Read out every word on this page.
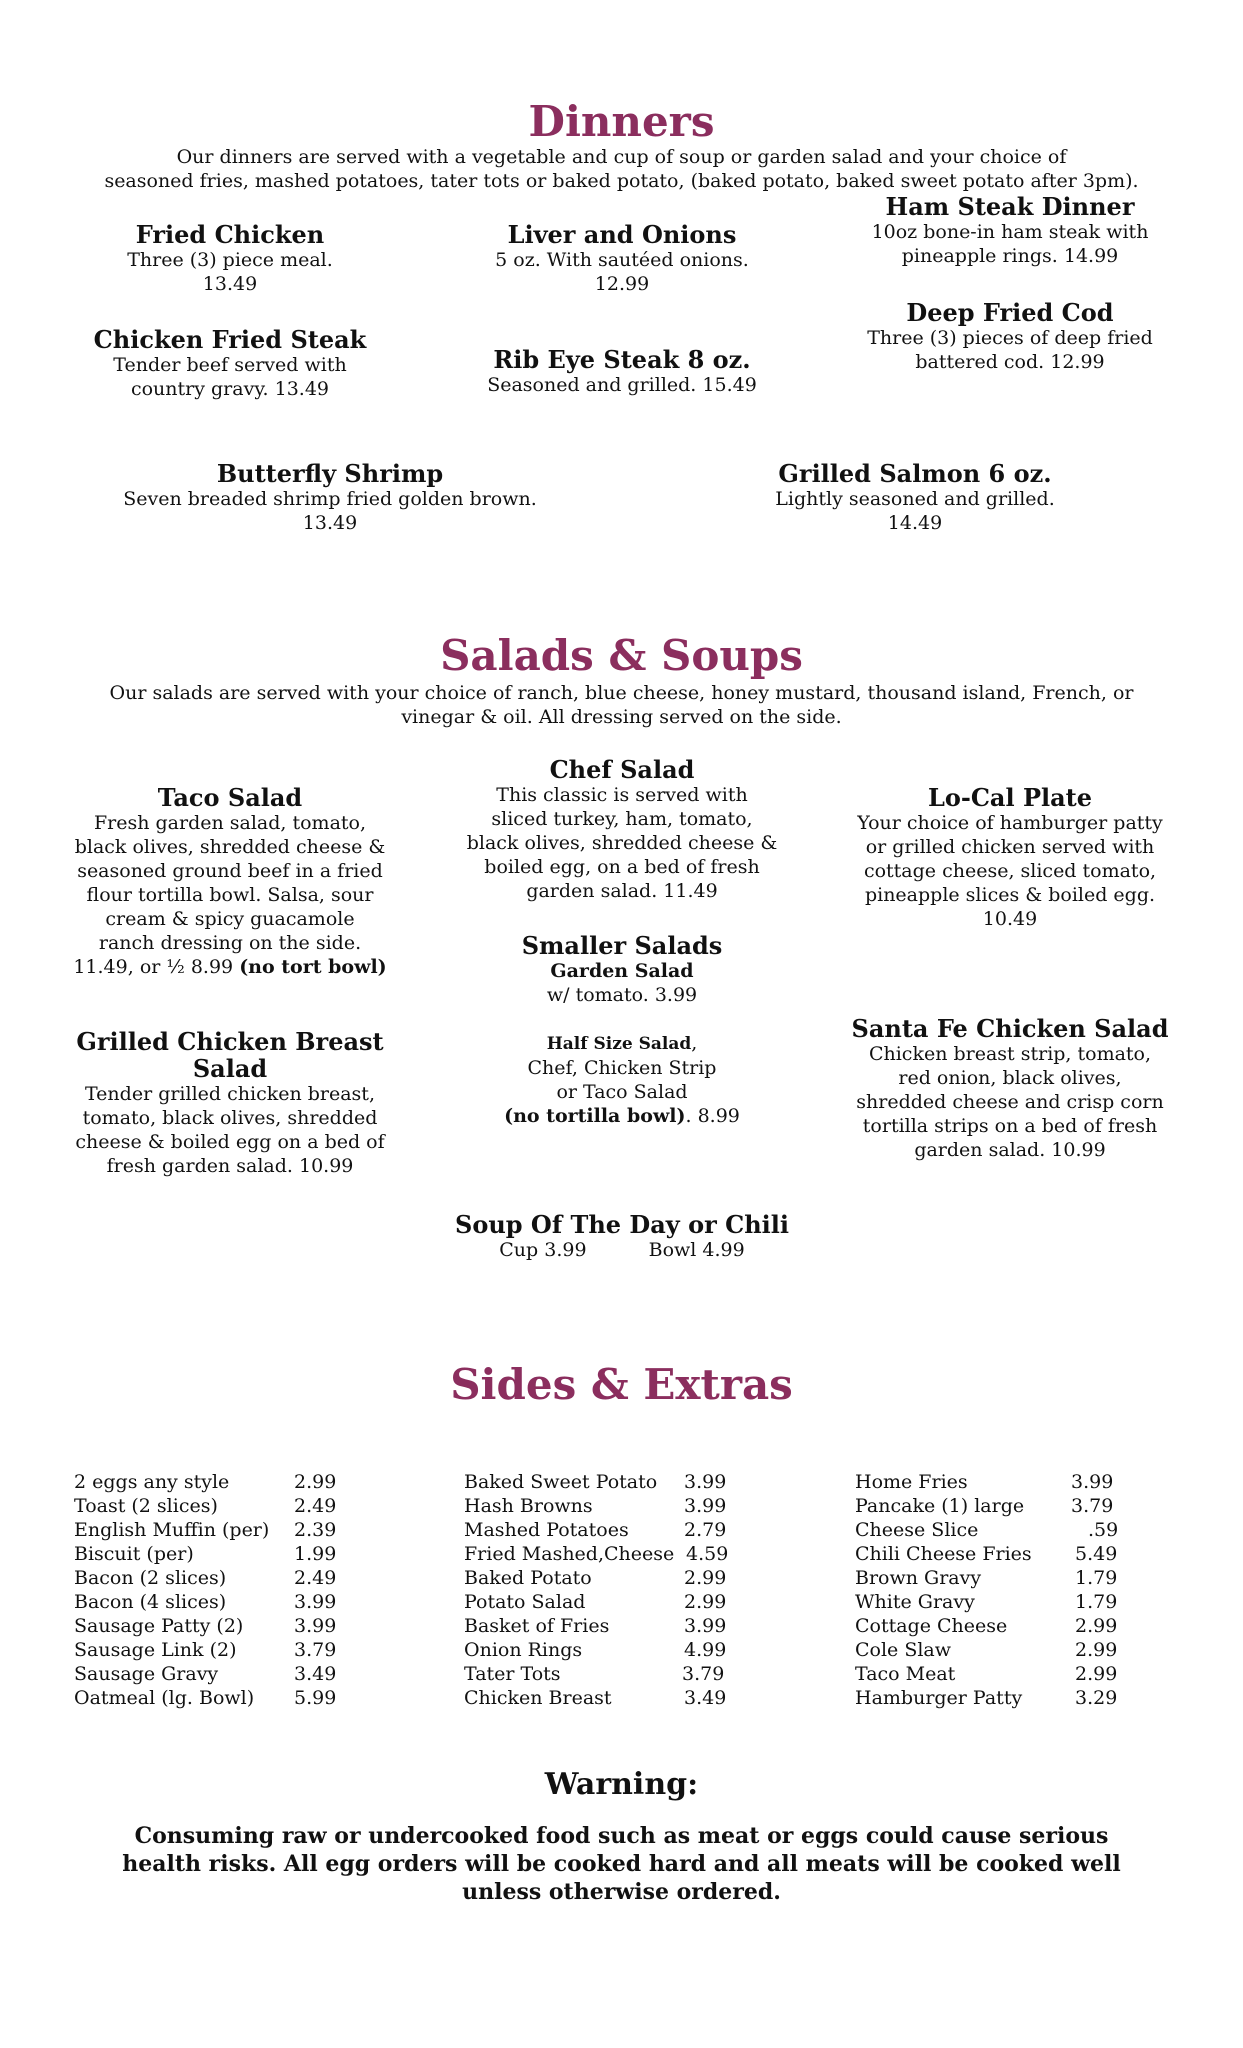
Dinners
Our dinners are served with a vegetable and cup of soup or garden salad and your choice of
seasoned fries, mashed potatoes, tater tots or baked potato, (baked potato, baked sweet potato after 3pm).
Fried Chicken
Three (3) piece meal.
13.49
Liver and Onions
5 oz. With sautéed onions.
12.99
Ham Steak Dinner
10oz bone-in ham steak with
pineapple rings. 14.99
Chicken Fried Steak
Tender beef served with
country gravy. 13.49
Rib Eye Steak 8 oz.
Seasoned and grilled. 15.49
Deep Fried Cod
Three (3) pieces of deep fried
battered cod. 12.99
Butterfly Shrimp
Seven breaded shrimp fried golden brown.
13.49
Grilled Salmon 6 oz.
Lightly seasoned and grilled.
14.49
Salads & Soups
Our salads are served with your choice of ranch, blue cheese, honey mustard, thousand island, French, or
vinegar & oil. All dressing served on the side.
Taco Salad
Fresh garden salad, tomato,
black olives, shredded cheese &
seasoned ground beef in a fried
flour tortilla bowl. Salsa, sour
cream & spicy guacamole
ranch dressing on the side.
11.49, or ½ 8.99 (no tort bowl)
Chef Salad
This classic is served with
sliced turkey, ham, tomato,
black olives, shredded cheese &
boiled egg, on a bed of fresh
garden salad. 11.49
Lo-Cal Plate
Your choice of hamburger patty
or grilled chicken served with
cottage cheese, sliced tomato,
pineapple slices & boiled egg.
10.49
Smaller Salads
Garden Salad
w/ tomato. 3.99
Half Size Salad,
Chef, Chicken Strip
or Taco Salad
(no tortilla bowl). 8.99
Grilled Chicken Breast
Salad
Tender grilled chicken breast,
tomato, black olives, shredded
cheese & boiled egg on a bed of
fresh garden salad. 10.99
Santa Fe Chicken Salad
Chicken breast strip, tomato,
red onion, black olives,
shredded cheese and crisp corn
tortilla strips on a bed of fresh
garden salad. 10.99
Soup Of The Day or Chili
Cup 3.99	Bowl 4.99
Sides & Extras
2 eggs any style	2.99
Toast (2 slices)	2.49
English Muffin (per) 2.39
Biscuit (per)	1.99
Bacon (2 slices)	2.49
Bacon (4 slices)	3.99
Sausage Patty (2)	3.99
Sausage Link (2)	3.79
Sausage Gravy	3.49
Oatmeal (lg. Bowl) 5.99
Baked Sweet Potato 3.99
Hash Browns	3.99
Mashed Potatoes	2.79
Fried Mashed,Cheese 4.59
Baked Potato	2.99
Potato Salad	2.99
Basket of Fries	3.99
Onion Rings	4.99
Tater Tots	3.79
Chicken Breast	3.49
Home Fries	3.99
Pancake (1) large 3.79
Cheese Slice	.59
Chili Cheese Fries 5.49
Brown Gravy	1.79
White Gravy	1.79
Cottage Cheese	2.99
Cole Slaw	2.99
Taco Meat	2.99
Hamburger Patty	3.29
Warning:
Consuming raw or undercooked food such as meat or eggs could cause serious
health risks. All egg orders will be cooked hard and all meats will be cooked well
unless otherwise ordered.
